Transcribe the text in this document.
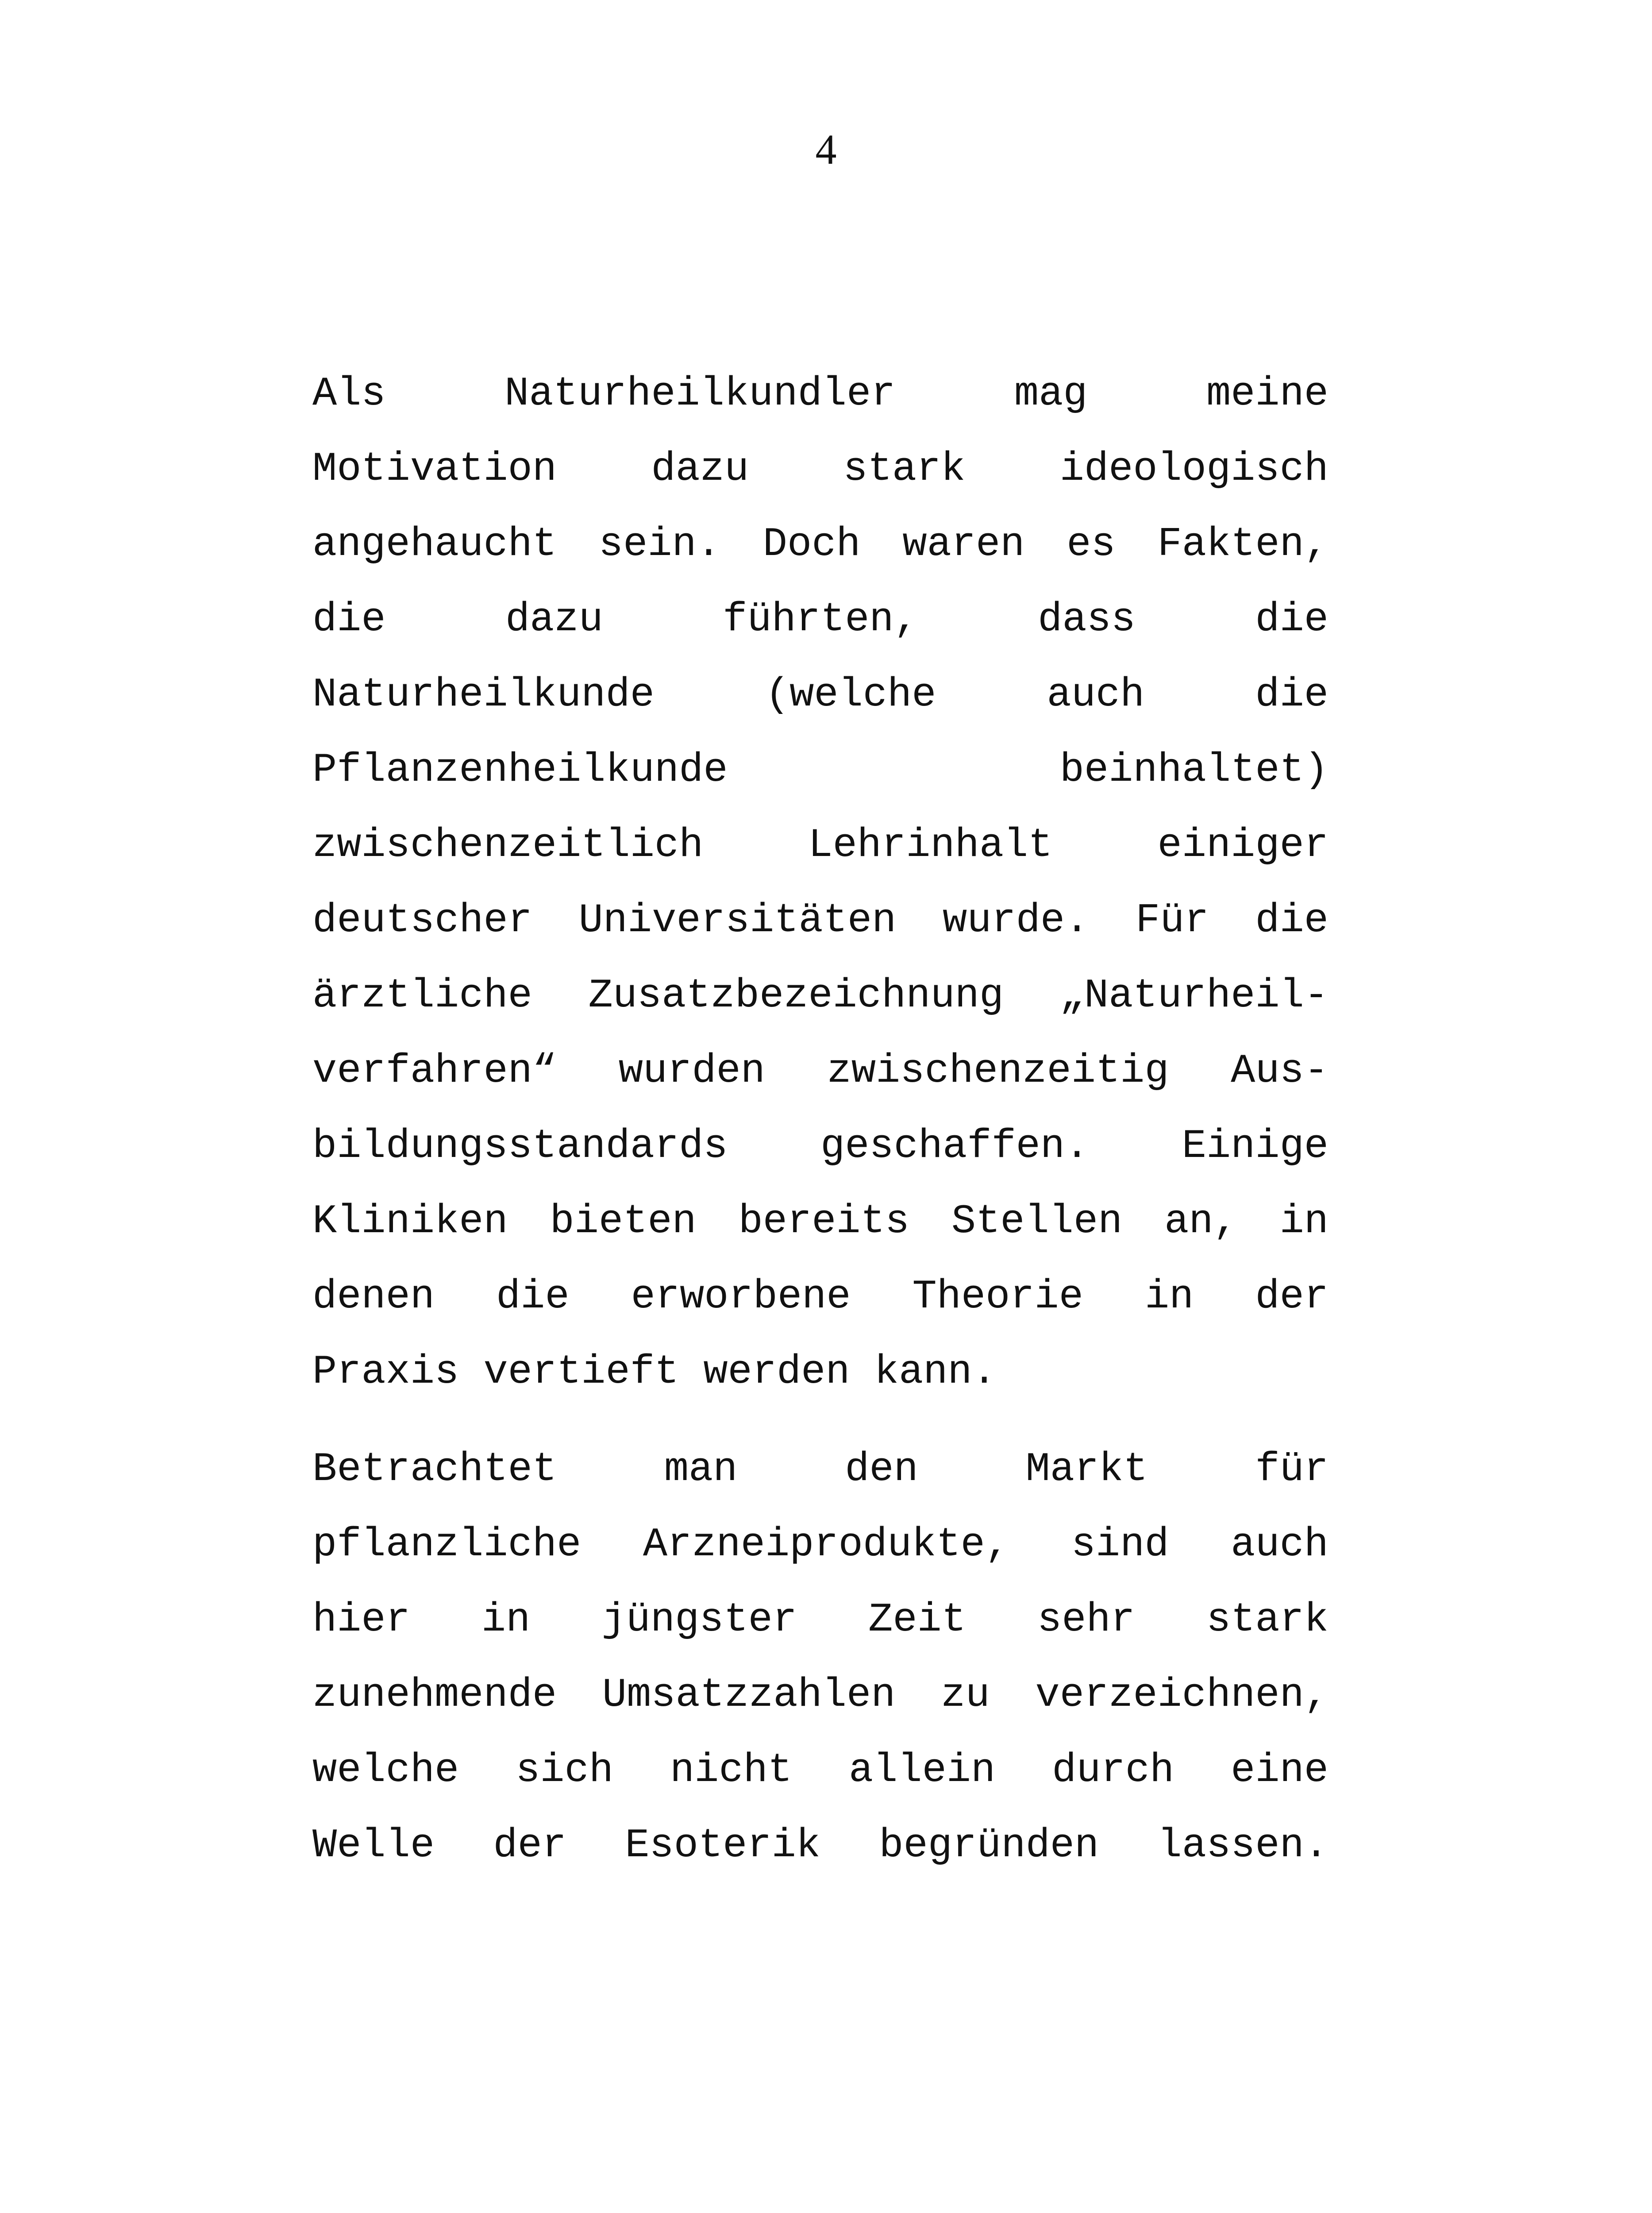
4
Als Naturheilkundler mag meine
Motivation dazu stark ideologisch
angehaucht sein. Doch waren es Fakten,
die dazu führten, dass die
Naturheilkunde (welche auch die
Pflanzenheilkunde beinhaltet)
zwischenzeitlich Lehrinhalt einiger
deutscher Universitäten wurde. Für die
ärztliche Zusatzbezeichnung „Naturheil-
verfahren“ wurden zwischenzeitig Aus-
bildungsstandards geschaffen. Einige
Kliniken bieten bereits Stellen an, in
denen die erworbene Theorie in der
Praxis vertieft werden kann.
Betrachtet man den Markt für
pflanzliche Arzneiprodukte, sind auch
hier in jüngster Zeit sehr stark
zunehmende Umsatzzahlen zu verzeichnen,
welche sich nicht allein durch eine
Welle der Esoterik begründen lassen.
